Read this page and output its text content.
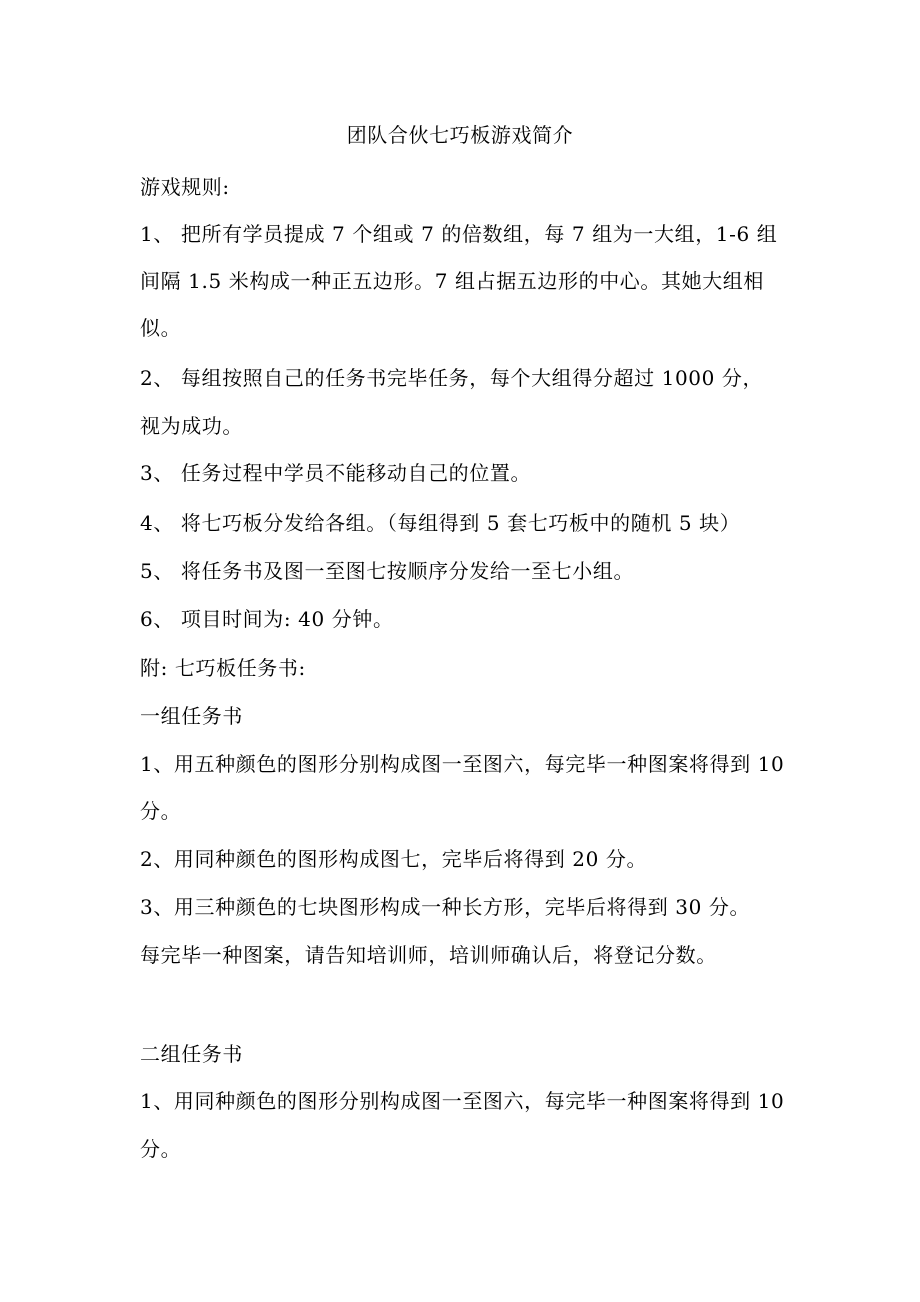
团队合伙七巧板游戏简介
游戏规则:
1、 把所有学员提成 7 个组或 7 的倍数组，每 7 组为一大组，1-6 组
间隔 1.5 米构成一种正五边形。7 组占据五边形的中心。其她大组相
似。
2、 每组按照自己的任务书完毕任务，每个大组得分超过 1000 分，
视为成功。
3、 任务过程中学员不能移动自己的位置。
4、 将七巧板分发给各组。（每组得到 5 套七巧板中的随机 5 块）
5、 将任务书及图一至图七按顺序分发给一至七小组。
6、 项目时间为: 40 分钟。
附: 七巧板任务书:
一组任务书
1、用五种颜色的图形分别构成图一至图六，每完毕一种图案将得到 10
分。
2、用同种颜色的图形构成图七，完毕后将得到 20 分。
3、用三种颜色的七块图形构成一种长方形，完毕后将得到 30 分。
每完毕一种图案，请告知培训师，培训师确认后，将登记分数。
二组任务书
1、用同种颜色的图形分别构成图一至图六，每完毕一种图案将得到 10
分。
